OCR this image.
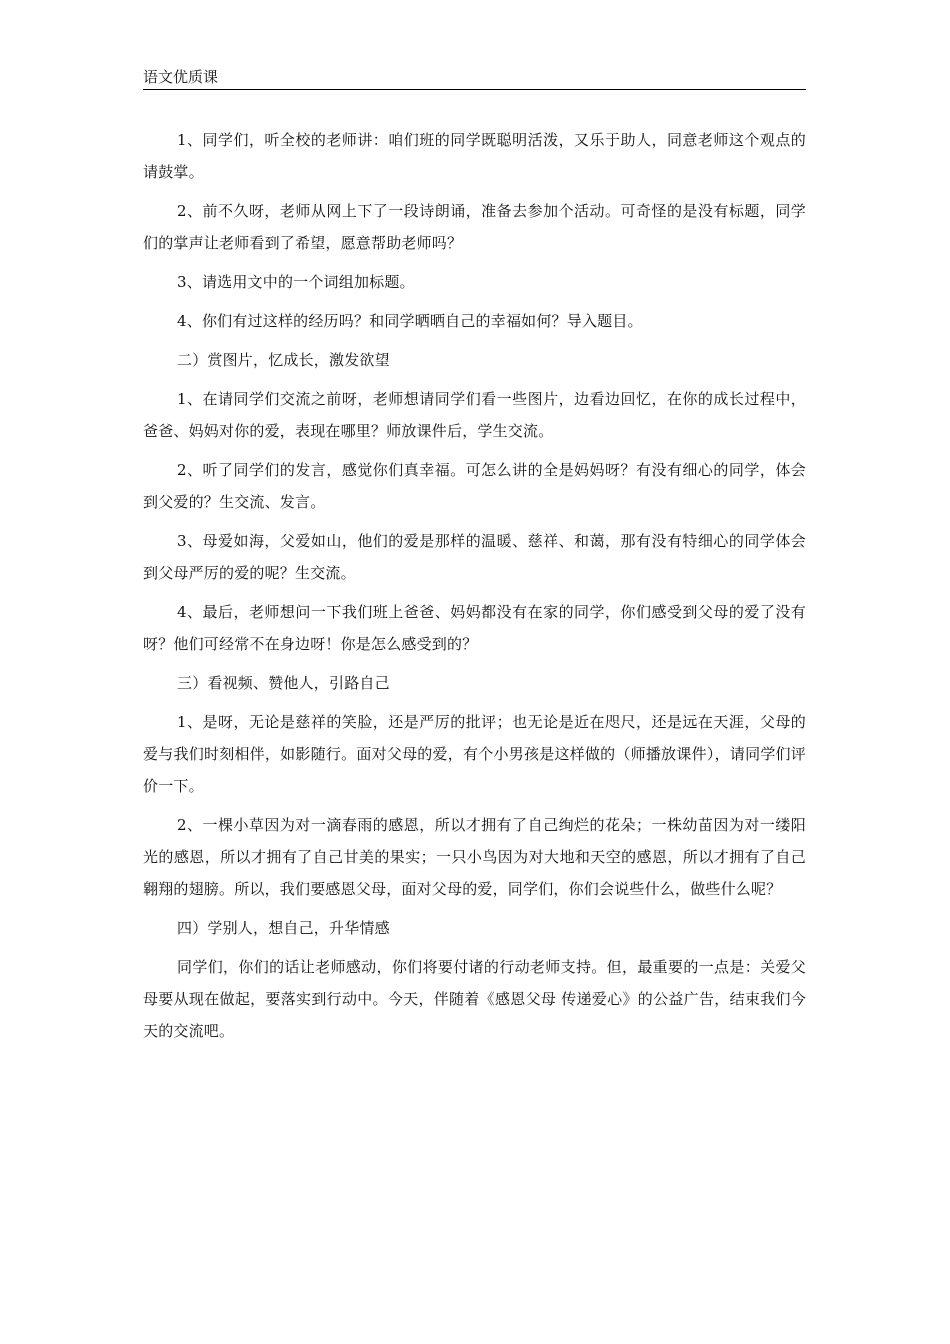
语文优质课

1、同学们，听全校的老师讲：咱们班的同学既聪明活泼，又乐于助人，同意老师这个观点的请鼓掌。

2、前不久呀，老师从网上下了一段诗朗诵，准备去参加个活动。可奇怪的是没有标题，同学们的掌声让老师看到了希望，愿意帮助老师吗？

3、请选用文中的一个词组加标题。

4、你们有过这样的经历吗？和同学晒晒自己的幸福如何？导入题目。

二）赏图片，忆成长，激发欲望

1、在请同学们交流之前呀，老师想请同学们看一些图片，边看边回忆，在你的成长过程中，爸爸、妈妈对你的爱，表现在哪里？师放课件后，学生交流。

2、听了同学们的发言，感觉你们真幸福。可怎么讲的全是妈妈呀？有没有细心的同学，体会到父爱的？生交流、发言。

3、母爱如海，父爱如山，他们的爱是那样的温暖、慈祥、和蔼，那有没有特细心的同学体会到父母严厉的爱的呢？生交流。

4、最后，老师想问一下我们班上爸爸、妈妈都没有在家的同学，你们感受到父母的爱了没有呀？他们可经常不在身边呀！你是怎么感受到的？

三）看视频、赞他人，引路自己

1、是呀，无论是慈祥的笑脸，还是严厉的批评；也无论是近在咫尺，还是远在天涯，父母的爱与我们时刻相伴，如影随行。面对父母的爱，有个小男孩是这样做的（师播放课件），请同学们评价一下。

2、一棵小草因为对一滴春雨的感恩，所以才拥有了自己绚烂的花朵；一株幼苗因为对一缕阳光的感恩，所以才拥有了自己甘美的果实；一只小鸟因为对大地和天空的感恩，所以才拥有了自己翱翔的翅膀。所以，我们要感恩父母，面对父母的爱，同学们，你们会说些什么，做些什么呢？

四）学别人，想自己，升华情感

同学们，你们的话让老师感动，你们将要付诸的行动老师支持。但，最重要的一点是：关爱父母要从现在做起，要落实到行动中。今天，伴随着《感恩父母 传递爱心》的公益广告，结束我们今天的交流吧。
